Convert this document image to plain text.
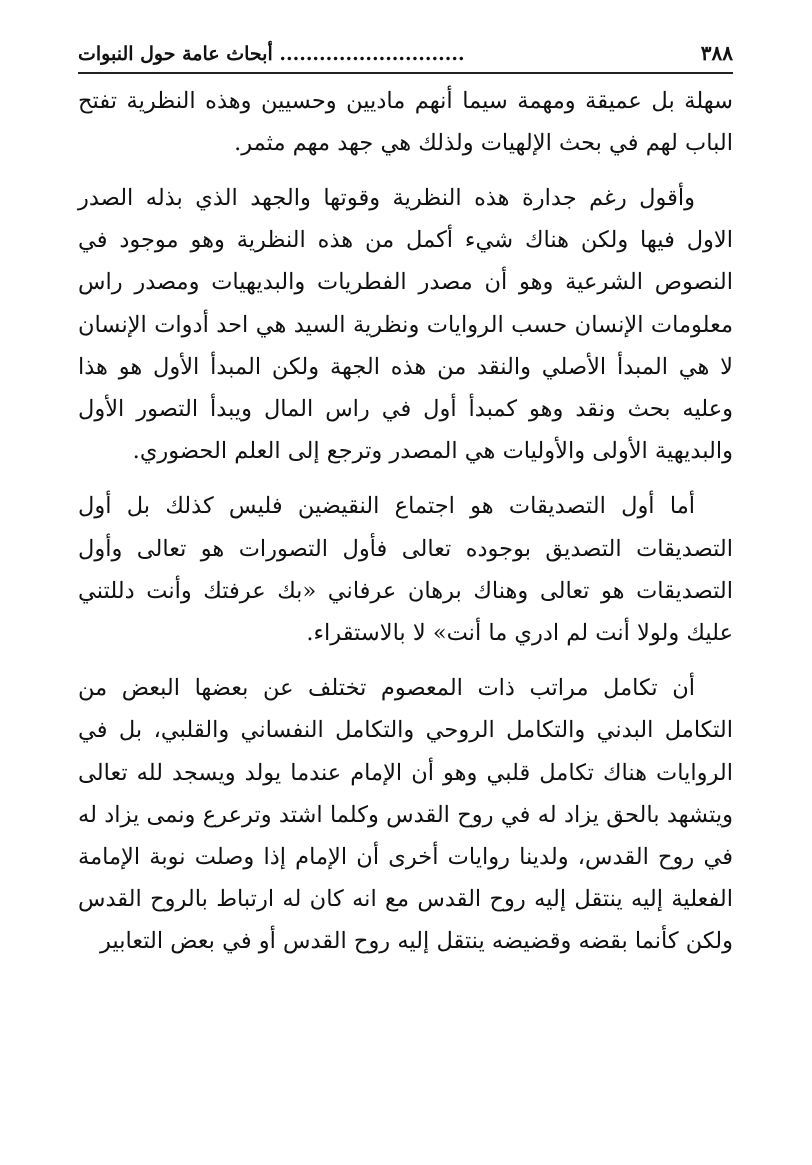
٣٨٨
............................ أبحاث عامة حول النبوات

سهلة بل عميقة ومهمة سيما أنهم ماديين وحسيين وهذه النظرية تفتح الباب لهم في بحث الإلهيات ولذلك هي جهد مهم مثمر.

وأقول رغم جدارة هذه النظرية وقوتها والجهد الذي بذله الصدر الاول فيها ولكن هناك شيء أكمل من هذه النظرية وهو موجود في النصوص الشرعية وهو أن مصدر الفطريات والبديهيات ومصدر راس معلومات الإنسان حسب الروايات ونظرية السيد هي احد أدوات الإنسان لا هي المبدأ الأصلي والنقد من هذه الجهة ولكن المبدأ الأول هو هذا وعليه بحث ونقد وهو كمبدأ أول في راس المال ويبدأ التصور الأول والبديهية الأولى والأوليات هي المصدر وترجع إلى العلم الحضوري.

أما أول التصديقات هو اجتماع النقيضين فليس كذلك بل أول التصديقات التصديق بوجوده تعالى فأول التصورات هو تعالى وأول التصديقات هو تعالى وهناك برهان عرفاني «بك عرفتك وأنت دللتني عليك ولولا أنت لم ادري ما أنت» لا بالاستقراء.

أن تكامل مراتب ذات المعصوم تختلف عن بعضها البعض من التكامل البدني والتكامل الروحي والتكامل النفساني والقلبي، بل في الروايات هناك تكامل قلبي وهو أن الإمام عندما يولد ويسجد لله تعالى ويتشهد بالحق يزاد له في روح القدس وكلما اشتد وترعرع ونمى يزاد له في روح القدس، ولدينا روايات أخرى أن الإمام إذا وصلت نوبة الإمامة الفعلية إليه ينتقل إليه روح القدس مع انه كان له ارتباط بالروح القدس ولكن كأنما بقضه وقضيضه ينتقل إليه روح القدس أو في بعض التعابير
